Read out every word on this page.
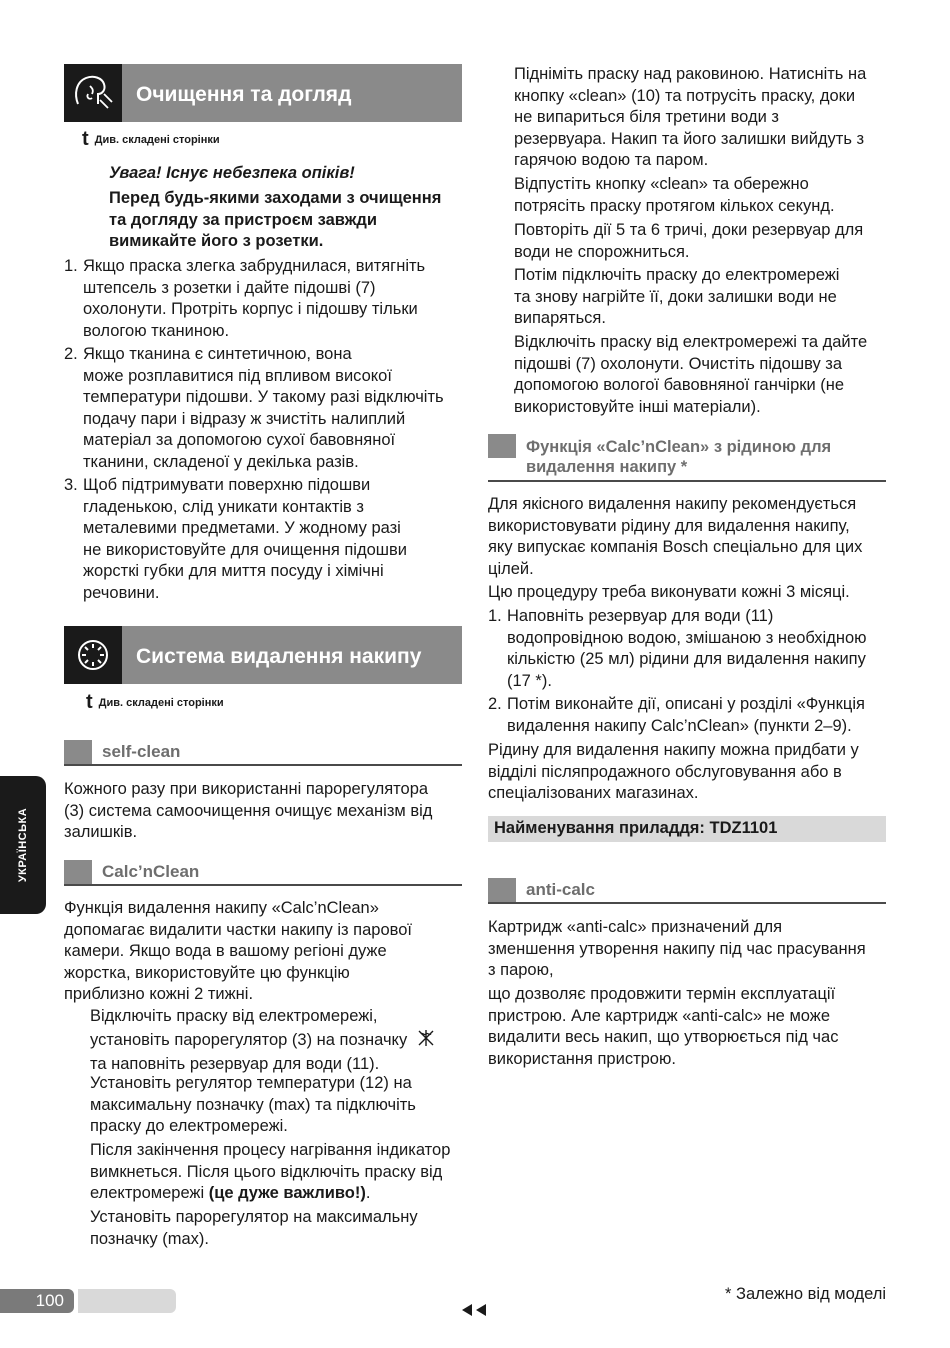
Очищення та догляд
t Див. складені сторінки
Увага! Існує небезпека опіків!
Перед будь-якими заходами з очищення
та догляду за пристроєм завжди
вимикайте його з розетки.
1. Якщо праска злегка забруднилася, витягніть
штепсель з розетки і дайте підошві (7)
охолонути. Протріть корпус і підошву тільки
вологою тканиною.
2. Якщо тканина є синтетичною, вона
може розплавитися під впливом високої
температури підошви. У такому разі відключіть
подачу пари і відразу ж зчистіть налиплий
матеріал за допомогою сухої бавовняної
тканини, складеної у декілька разів.
3. Щоб підтримувати поверхню підошви
гладенькою, слід уникати контактів з
металевими предметами. У жодному разі
не використовуйте для очищення підошви
жорсткі губки для миття посуду і хімічні
речовини.
Система видалення накипу
t Див. складені сторінки
self-clean
Кожного разу при використанні парорегулятора
(3) система самоочищення очищує механізм від
залишків.
Calc’nClean
Функція видалення накипу «Calc’nClean»
допомагає видалити частки накипу із парової
камери. Якщо вода в вашому регіоні дуже
жорстка, використовуйте цю функцію
приблизно кожні 2 тижні.
Відключіть праску від електромережі,
установіть парорегулятор (3) на позначку
та наповніть резервуар для води (11).
Установіть регулятор температури (12) на
максимальну позначку (max) та підключіть
праску до електромережі.
Після закінчення процесу нагрівання індикатор
вимкнеться. Після цього відключіть праску від
електромережі (це дуже важливо!).
Установіть парорегулятор на максимальну
позначку (max).
УКРАЇНСЬКА
100
Підніміть праску над раковиною. Натисніть на
кнопку «clean» (10) та потрусіть праску, доки
не випариться біля третини води з
резервуара. Накип та його залишки вийдуть з
гарячою водою та паром.
Відпустіть кнопку «clean» та обережно
потрясіть праску протягом кількох секунд.
Повторіть дії 5 та 6 тричі, доки резервуар для
води не спорожниться.
Потім підключіть праску до електромережі
та знову нагрійте її, доки залишки води не
випаряться.
Відключіть праску від електромережі та дайте
підошві (7) охолонути. Очистіть підошву за
допомогою вологої бавовняної ганчірки (не
використовуйте інші матеріали).
Функція «Calc’nClean» з рідиною для
видалення накипу *
Для якісного видалення накипу рекомендується
використовувати рідину для видалення накипу,
яку випускає компанія Bosch спеціально для цих
цілей.
Цю процедуру треба виконувати кожні 3 місяці.
1. Наповніть резервуар для води (11)
водопровідною водою, змішаною з необхідною
кількістю (25 мл) рідини для видалення накипу
(17 *).
2. Потім виконайте дії, описані у розділі «Функція
видалення накипу Calc’nClean» (пункти 2–9).
Рідину для видалення накипу можна придбати у
відділі післяпродажного обслуговування або в
спеціалізованих магазинах.
Найменування приладдя: TDZ1101
anti-calc
Картридж «anti-calc» призначений для
зменшення утворення накипу під час прасування
з парою,
що дозволяє продовжити термін експлуатації
пристрою. Але картридж «anti-calc» не може
видалити весь накип, що утворюється під час
використання пристрою.
* Залежно від моделі
